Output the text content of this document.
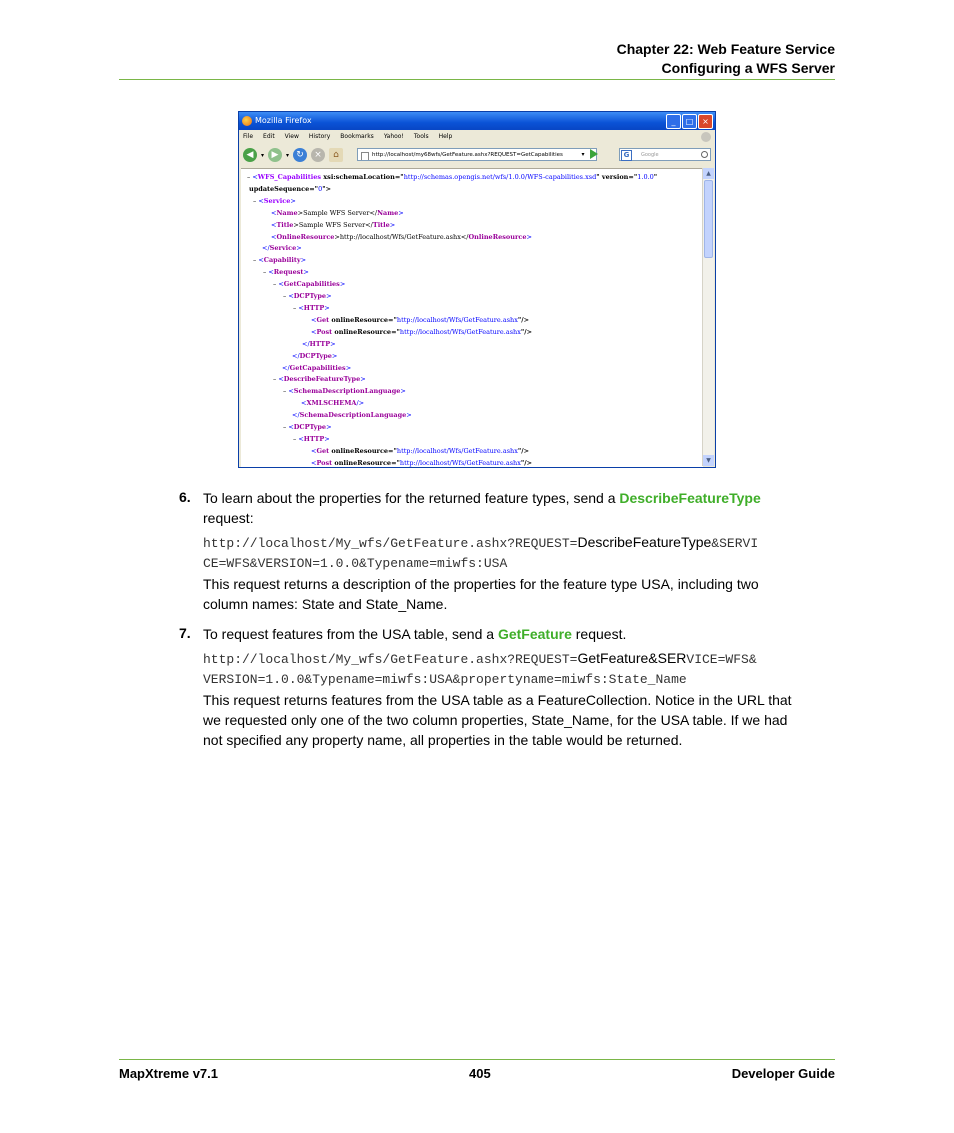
Chapter 22: Web Feature Service
Configuring a WFS Server
Mozilla Firefox	_	□	×
File Edit View History Bookmarks Yahoo! Tools Help
◀	▾ ▶	▾ ↻	×	⌂	http://localhost/my68wfs/GetFeature.ashx?REQUEST=GetCapabilities	▾	G	Google
– <WFS_Capabilities xsi:schemaLocation="http://schemas.opengis.net/wfs/1.0.0/WFS-capabilities.xsd" version="1.0.0"
updateSequence="0">
– <Service>
<Name>Sample WFS Server</Name>
<Title>Sample WFS Server</Title>
<OnlineResource>http://localhost/Wfs/GetFeature.ashx</OnlineResource>
</Service>
– <Capability>
– <Request>
– <GetCapabilities>
– <DCPType>
– <HTTP>
<Get onlineResource="http://localhost/Wfs/GetFeature.ashx"/>
<Post onlineResource="http://localhost/Wfs/GetFeature.ashx"/>
</HTTP>
</DCPType>
</GetCapabilities>
– <DescribeFeatureType>
– <SchemaDescriptionLanguage>
<XMLSCHEMA/>
</SchemaDescriptionLanguage>
– <DCPType>
– <HTTP>
<Get onlineResource="http://localhost/Wfs/GetFeature.ashx"/>
<Post onlineResource="http://localhost/Wfs/GetFeature.ashx"/>
▲
▼
6. To learn about the properties for the returned feature types, send a DescribeFeatureType
request:
http://localhost/My_wfs/GetFeature.ashx?REQUEST=DescribeFeatureType&SERVI
CE=WFS&VERSION=1.0.0&Typename=miwfs:USA
This request returns a description of the properties for the feature type USA, including two
column names: State and State_Name.
7. To request features from the USA table, send a GetFeature request.
http://localhost/My_wfs/GetFeature.ashx?REQUEST=GetFeature&SERVICE=WFS&
VERSION=1.0.0&Typename=miwfs:USA&propertyname=miwfs:State_Name
This request returns features from the USA table as a FeatureCollection. Notice in the URL that
we requested only one of the two column properties, State_Name, for the USA table. If we had
not specified any property name, all properties in the table would be returned.
MapXtreme v7.1	405	Developer Guide
